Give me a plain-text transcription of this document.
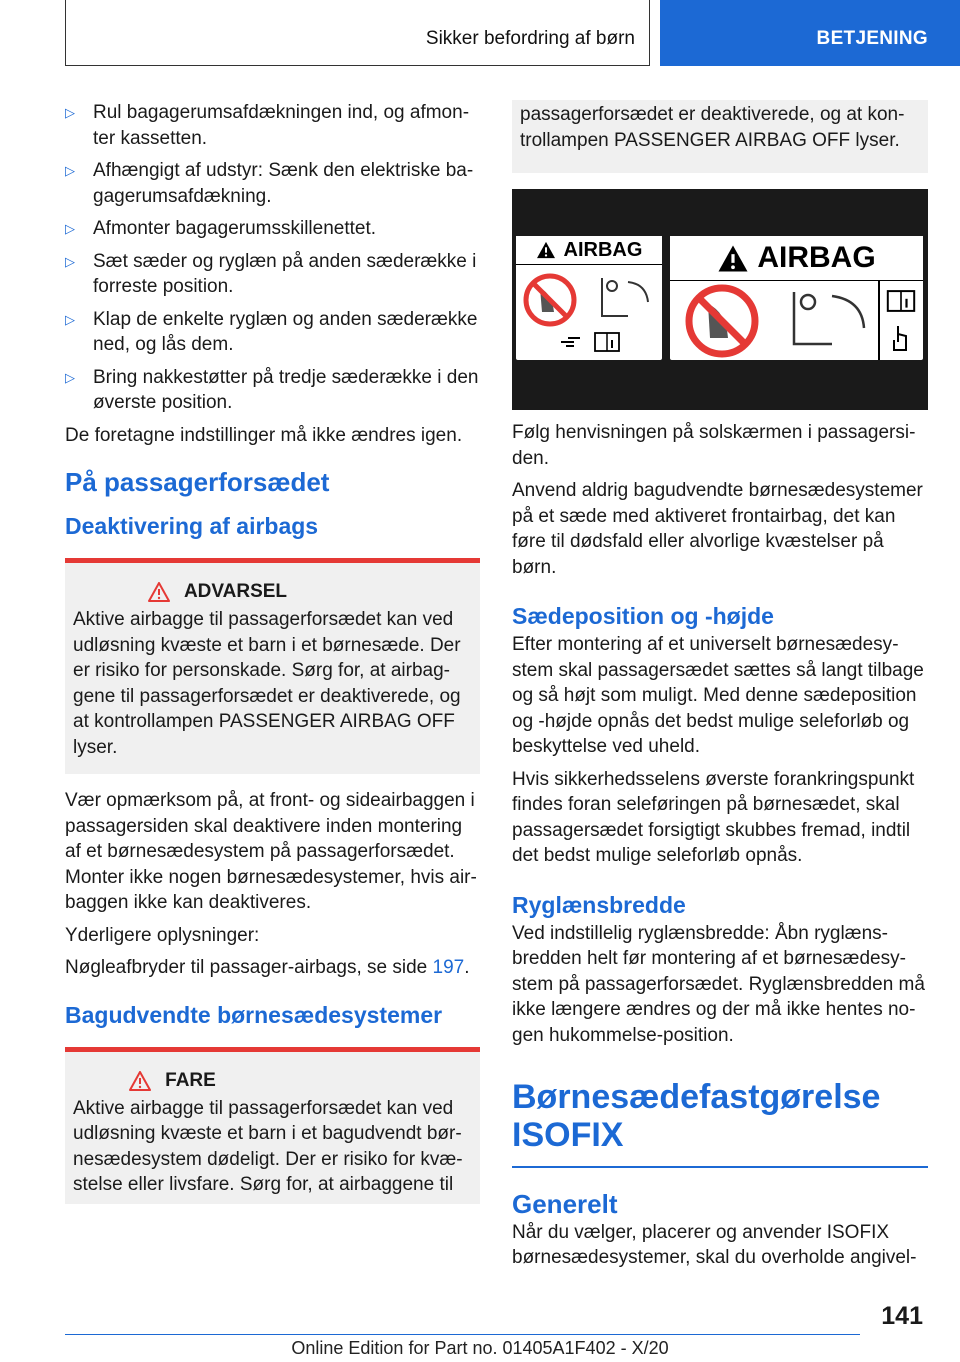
Sikker befordring af børn	BETJENING
▷ Rul bagagerumsafdækningen ind, og afmonter kassetten.
▷ Afhængigt af udstyr: Sænk den elektriske bagagerumsafdækning.
▷ Afmonter bagagerumsskillenettet.
▷ Sæt sæder og ryglæn på anden sæderække i forreste position.
▷ Klap de enkelte ryglæn og anden sæderække ned, og lås dem.
▷ Bring nakkestøtter på tredje sæderække i den øverste position.

De foretagne indstillinger må ikke ændres igen.

På passagerforsædet
Deaktivering af airbags
ADVARSEL

Aktive airbagge til passagerforsædet kan ved udløsning kvæste et barn i et børnesæde. Der er risiko for personskade. Sørg for, at airbaggene til passagerforsædet er deaktiverede, og at kontrollampen PASSENGER AIRBAG OFF lyser.

Vær opmærksom på, at front- og sideairbaggen i passagersiden skal deaktivere inden montering af et børnesædesystem på passagerforsædet. Monter ikke nogen børnesædesystemer, hvis airbaggen ikke kan deaktiveres.

Yderligere oplysninger:

Nøgleafbryder til passager-airbags, se side 197.

Bagudvendte børnesædesystemer
FARE

Aktive airbagge til passagerforsædet kan ved udløsning kvæste et barn i et bagudvendt børnesædesystem dødeligt. Der er risiko for kvæstelse eller livsfare. Sørg for, at airbaggene til

passagerforsædet er deaktiverede, og at kontrollampen PASSENGER AIRBAG OFF lyser.

AIRBAG	AIRBAG

Følg henvisningen på solskærmen i passagersiden.

Anvend aldrig bagudvendte børnesædesystemer på et sæde med aktiveret frontairbag, det kan føre til dødsfald eller alvorlige kvæstelser på børn.

Sædeposition og -højde

Efter montering af et universelt børnesædesystem skal passagersædet sættes så langt tilbage og så højt som muligt. Med denne sædeposition og -højde opnås det bedst mulige seleforløb og beskyttelse ved uheld.

Hvis sikkerhedsselens øverste forankringspunkt findes foran seleføringen på børnesædet, skal passagersædet forsigtigt skubbes fremad, indtil det bedst mulige seleforløb opnås.

Ryglænsbredde

Ved indstillelig ryglænsbredde: Åbn ryglænsbredden helt før montering af et børnesædesystem på passagerforsædet. Ryglænsbredden må ikke længere ændres og der må ikke hentes nogen hukommelse-position.

Børnesædefastgørelse
ISOFIX
Generelt

Når du vælger, placerer og anvender ISOFIX børnesædesystemer, skal du overholde angivel-

141
Online Edition for Part no. 01405A1F402 - X/20
